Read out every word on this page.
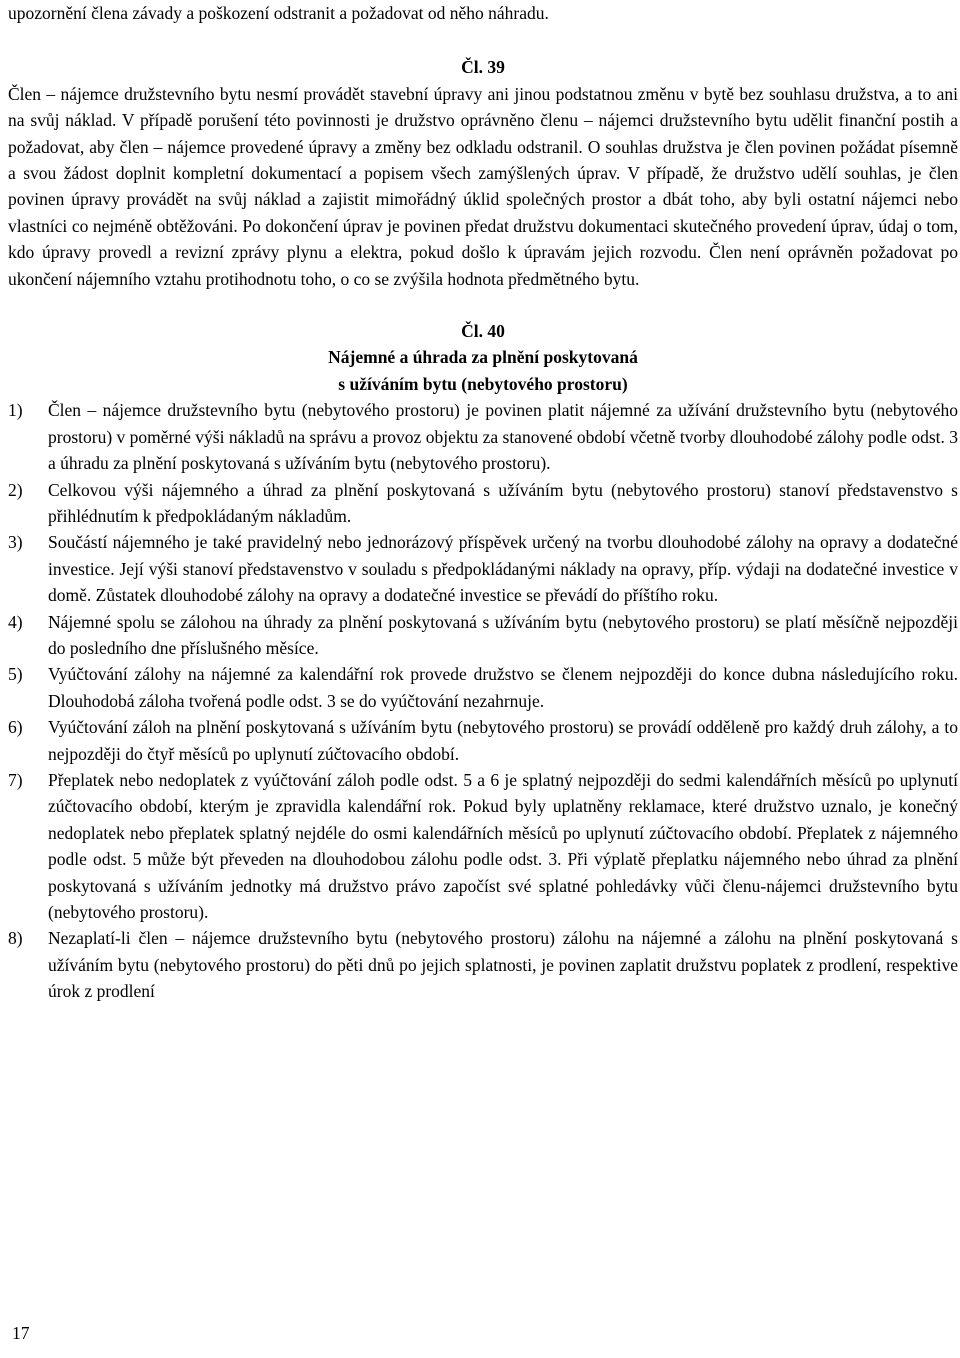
upozornění člena závady a poškození odstranit a požadovat od něho náhradu.

Čl. 39

Člen – nájemce družstevního bytu nesmí provádět stavební úpravy ani jinou podstatnou změnu v bytě bez souhlasu družstva, a to ani na svůj náklad. V případě porušení této povinnosti je družstvo oprávněno členu – nájemci družstevního bytu udělit finanční postih a požadovat, aby člen – nájemce provedené úpravy a změny bez odkladu odstranil. O souhlas družstva je člen povinen požádat písemně a svou žádost doplnit kompletní dokumentací a popisem všech zamýšlených úprav. V případě, že družstvo udělí souhlas, je člen povinen úpravy provádět na svůj náklad a zajistit mimořádný úklid společných prostor a dbát toho, aby byli ostatní nájemci nebo vlastníci co nejméně obtěžováni. Po dokončení úprav je povinen předat družstvu dokumentaci skutečného provedení úprav, údaj o tom, kdo úpravy provedl a revizní zprávy plynu a elektra, pokud došlo k úpravám jejich rozvodu. Člen není oprávněn požadovat po ukončení nájemního vztahu protihodnotu toho, o co se zvýšila hodnota předmětného bytu.

Čl. 40

Nájemné a úhrada za plnění poskytovaná

s užíváním bytu (nebytového prostoru)

1) Člen – nájemce družstevního bytu (nebytového prostoru) je povinen platit nájemné za užívání družstevního bytu (nebytového prostoru) v poměrné výši nákladů na správu a provoz objektu za stanovené období včetně tvorby dlouhodobé zálohy podle odst. 3 a úhradu za plnění poskytovaná s užíváním bytu (nebytového prostoru).
2) Celkovou výši nájemného a úhrad za plnění poskytovaná s užíváním bytu (nebytového prostoru) stanoví představenstvo s přihlédnutím k předpokládaným nákladům.
3) Součástí nájemného je také pravidelný nebo jednorázový příspěvek určený na tvorbu dlouhodobé zálohy na opravy a dodatečné investice. Její výši stanoví představenstvo v souladu s předpokládanými náklady na opravy, příp. výdaji na dodatečné investice v domě. Zůstatek dlouhodobé zálohy na opravy a dodatečné investice se převádí do příštího roku.
4) Nájemné spolu se zálohou na úhrady za plnění poskytovaná s užíváním bytu (nebytového prostoru) se platí měsíčně nejpozději do posledního dne příslušného měsíce.
5) Vyúčtování zálohy na nájemné za kalendářní rok provede družstvo se členem nejpozději do konce dubna následujícího roku. Dlouhodobá záloha tvořená podle odst. 3 se do vyúčtování nezahrnuje.
6) Vyúčtování záloh na plnění poskytovaná s užíváním bytu (nebytového prostoru) se provádí odděleně pro každý druh zálohy, a to nejpozději do čtyř měsíců po uplynutí zúčtovacího období.
7) Přeplatek nebo nedoplatek z vyúčtování záloh podle odst. 5 a 6 je splatný nejpozději do sedmi kalendářních měsíců po uplynutí zúčtovacího období, kterým je zpravidla kalendářní rok. Pokud byly uplatněny reklamace, které družstvo uznalo, je konečný nedoplatek nebo přeplatek splatný nejdéle do osmi kalendářních měsíců po uplynutí zúčtovacího období. Přeplatek z nájemného podle odst. 5 může být převeden na dlouhodobou zálohu podle odst. 3. Při výplatě přeplatku nájemného nebo úhrad za plnění poskytovaná s užíváním jednotky má družstvo právo započíst své splatné pohledávky vůči členu-nájemci družstevního bytu (nebytového prostoru).
8) Nezaplatí-li člen – nájemce družstevního bytu (nebytového prostoru) zálohu na nájemné a zálohu na plnění poskytovaná s užíváním bytu (nebytového prostoru) do pěti dnů po jejich splatnosti, je povinen zaplatit družstvu poplatek z prodlení, respektive úrok z prodlení
17
